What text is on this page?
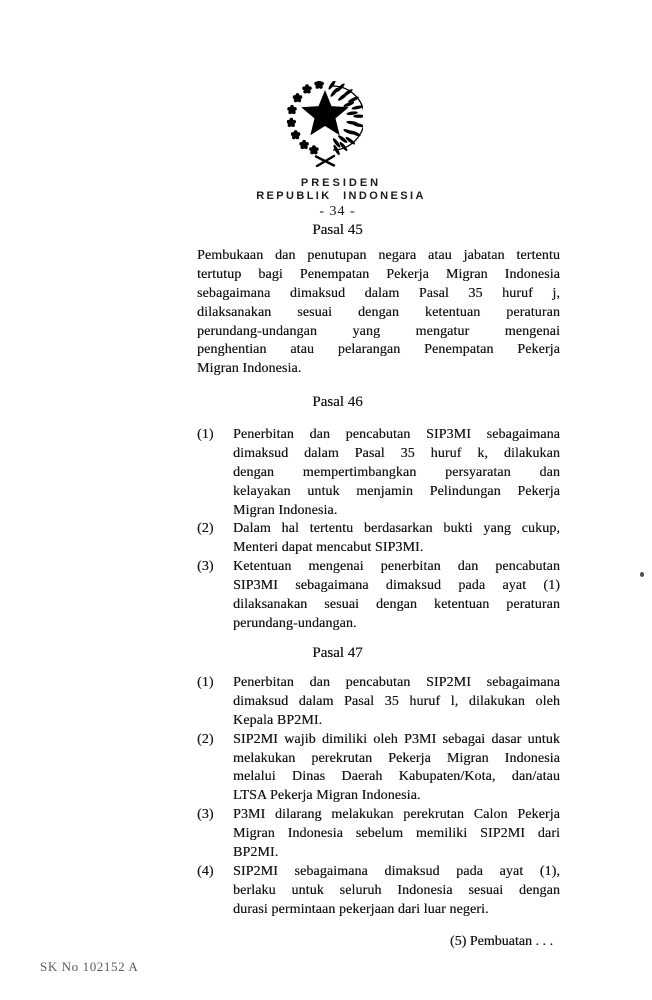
PRESIDEN
REPUBLIK INDONESIA
- 34 -
Pasal 45
Pembukaan dan penutupan negara atau jabatan tertentu
tertutup bagi Penempatan Pekerja Migran Indonesia
sebagaimana dimaksud dalam Pasal 35 huruf j,
dilaksanakan sesuai dengan ketentuan peraturan
perundang-undangan yang mengatur mengenai
penghentian atau pelarangan Penempatan Pekerja
Migran Indonesia.
Pasal 46
(1)	Penerbitan dan pencabutan SIP3MI sebagaimana
dimaksud dalam Pasal 35 huruf k, dilakukan
dengan mempertimbangkan persyaratan dan
kelayakan untuk menjamin Pelindungan Pekerja
Migran Indonesia.
(2)	Dalam hal tertentu berdasarkan bukti yang cukup,
Menteri dapat mencabut SIP3MI.
(3)	Ketentuan mengenai penerbitan dan pencabutan
SIP3MI sebagaimana dimaksud pada ayat (1)
dilaksanakan sesuai dengan ketentuan peraturan
perundang-undangan.
Pasal 47
(1)	Penerbitan dan pencabutan SIP2MI sebagaimana
dimaksud dalam Pasal 35 huruf l, dilakukan oleh
Kepala BP2MI.
(2)	SIP2MI wajib dimiliki oleh P3MI sebagai dasar untuk
melakukan perekrutan Pekerja Migran Indonesia
melalui Dinas Daerah Kabupaten/Kota, dan/atau
LTSA Pekerja Migran Indonesia.
(3)	P3MI dilarang melakukan perekrutan Calon Pekerja
Migran Indonesia sebelum memiliki SIP2MI dari
BP2MI.
(4)	SIP2MI sebagaimana dimaksud pada ayat (1),
berlaku untuk seluruh Indonesia sesuai dengan
durasi permintaan pekerjaan dari luar negeri.
(5) Pembuatan . . .
SK No 102152 A
